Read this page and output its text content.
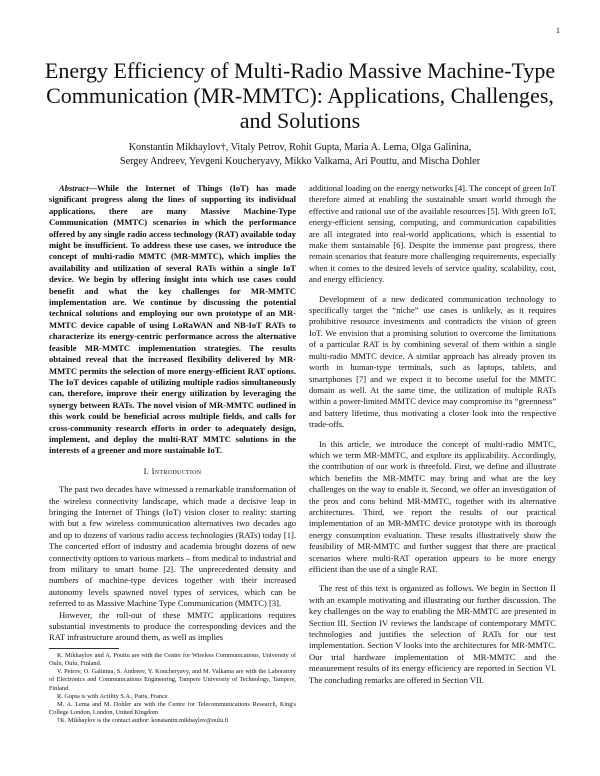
1
Energy Efficiency of Multi-Radio Massive Machine-Type Communication (MR-MMTC): Applications, Challenges, and Solutions
Konstantin Mikhaylov†, Vitaly Petrov, Rohit Gupta, Maria A. Lema, Olga Galinina,
Sergey Andreev, Yevgeni Koucheryavy, Mikko Valkama, Ari Pouttu, and Mischa Dohler

Abstract—While the Internet of Things (IoT) has made significant progress along the lines of supporting its individual applications, there are many Massive Machine-Type Communication (MMTC) scenarios in which the performance offered by any single radio access technology (RAT) available today might be insufficient. To address these use cases, we introduce the concept of multi-radio MMTC (MR-MMTC), which implies the availability and utilization of several RATs within a single IoT device. We begin by offering insight into which use cases could benefit and what the key challenges for MR-MMTC implementation are. We continue by discussing the potential technical solutions and employing our own prototype of an MR-MMTC device capable of using LoRaWAN and NB-IoT RATs to characterize its energy-centric performance across the alternative feasible MR-MMTC implementation strategies. The results obtained reveal that the increased flexibility delivered by MR-MMTC permits the selection of more energy-efficient RAT options. The IoT devices capable of utilizing multiple radios simultaneously can, therefore, improve their energy utilization by leveraging the synergy between RATs. The novel vision of MR-MMTC outlined in this work could be beneficial across multiple fields, and calls for cross-community research efforts in order to adequately design, implement, and deploy the multi-RAT MMTC solutions in the interests of a greener and more sustainable IoT.

I. Introduction

The past two decades have witnessed a remarkable transformation of the wireless connectivity landscape, which made a decisive leap in bringing the Internet of Things (IoT) vision closer to reality: starting with but a few wireless communication alternatives two decades ago and up to dozens of various radio access technologies (RATs) today [1]. The concerted effort of industry and academia brought dozens of new connectivity options to various markets – from medical to industrial and from military to smart home [2]. The unprecedented density and numbers of machine-type devices together with their increased autonomy levels spawned novel types of services, which can be referred to as Massive Machine Type Communication (MMTC) [3].

However, the roll-out of these MMTC applications requires substantial investments to produce the corresponding devices and the RAT infrastructure around them, as well as implies

K. Mikhaylov and A. Pouttu are with the Centre for Wireless Communications, University of Oulu, Oulu, Finland.

V. Petrov, O. Galinina, S. Andreev, Y. Koucheryavy, and M. Valkama are with the Laboratory of Electronics and Communications Engineering, Tampere University of Technology, Tampere, Finland.

R. Gupta is with Actility S.A., Paris, France

M. A. Lema and M. Dohler are with the Centre for Telecommunications Research, King's College London, London, United Kingdom

†K. Mikhaylov is the contact author: konstantin.mikhaylov@oulu.fi

additional loading on the energy networks [4]. The concept of green IoT therefore aimed at enabling the sustainable smart world through the effective and rational use of the available resources [5]. With green IoT, energy-efficient sensing, computing, and communication capabilities are all integrated into real-world applications, which is essential to make them sustainable [6]. Despite the immense past progress, there remain scenarios that feature more challenging requirements, especially when it comes to the desired levels of service quality, scalability, cost, and energy efficiency.

Development of a new dedicated communication technology to specifically target the “niche” use cases is unlikely, as it requires prohibitive resource investments and contradicts the vision of green IoT. We envision that a promising solution to overcome the limitations of a particular RAT is by combining several of them within a single multi-radio MMTC device. A similar approach has already proven its worth in human-type terminals, such as laptops, tablets, and smartphones [7] and we expect it to become useful for the MMTC domain as well. At the same time, the utilization of multiple RATs within a power-limited MMTC device may compromise its “greenness” and battery lifetime, thus motivating a closer look into the respective trade-offs.

In this article, we introduce the concept of multi-radio MMTC, which we term MR-MMTC, and explore its applicability. Accordingly, the contribution of our work is threefold. First, we define and illustrate which benefits the MR-MMTC may bring and what are the key challenges on the way to enable it. Second, we offer an investigation of the pros and cons behind MR-MMTC, together with its alternative architectures. Third, we report the results of our practical implementation of an MR-MMTC device prototype with its thorough energy consumption evaluation. These results illustratively show the feasibility of MR-MMTC and further suggest that there are practical scenarios where multi-RAT operation appears to be more energy efficient than the use of a single RAT.

The rest of this text is organized as follows. We begin in Section II with an example motivating and illustrating our further discussion. The key challenges on the way to enabling the MR-MMTC are presented in Section III. Section IV reviews the landscape of contemporary MMTC technologies and justifies the selection of RATs for our test implementation. Section V looks into the architectures for MR-MMTC. Our trial hardware implementation of MR-MMTC and the measurement results of its energy efficiency are reported in Section VI. The concluding remarks are offered in Section VII.
